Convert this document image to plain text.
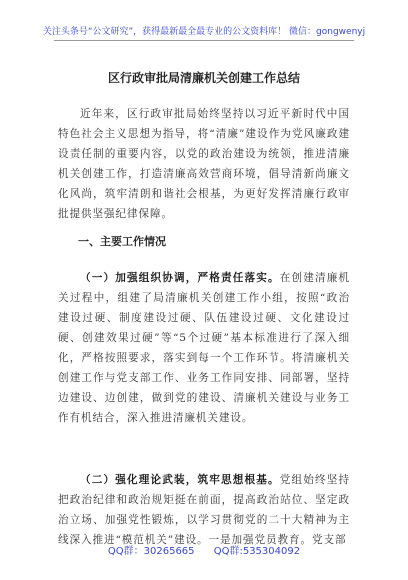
关注头条号“公文研究”，获得最新最全最专业的公文资料库！ 微信：gongwenyj
区行政审批局清廉机关创建工作总结

近年来，区行政审批局始终坚持以习近平新时代中国特色社会主义思想为指导，将“清廉”建设作为党风廉政建设责任制的重要内容，以党的政治建设为统领，推进清廉机关创建工作，打造清廉高效营商环境，倡导清新尚廉文化风尚，筑牢清朗和谐社会根基，为更好发挥清廉行政审批提供坚强纪律保障。

一、主要工作情况

（一）加强组织协调，严格责任落实。在创建清廉机关过程中，组建了局清廉机关创建工作小组，按照“政治建设过硬、制度建设过硬、队伍建设过硬、文化建设过硬、创建效果过硬”等“5个过硬”基本标准进行了深入细化，严格按照要求，落实到每一个工作环节。将清廉机关创建工作与党支部工作、业务工作同安排、同部署，坚持边建设、边创建，做到党的建设、清廉机关建设与业务工作有机结合，深入推进清廉机关建设。

（二）强化理论武装，筑牢思想根基。党组始终坚持把政治纪律和政治规矩挺在前面，提高政治站位、坚定政治立场、加强党性锻炼，以学习贯彻党的二十大精神为主线深入推进“模范机关”建设。一是加强党员教育。党支部

QQ群：30265665 QQ群:535304092
